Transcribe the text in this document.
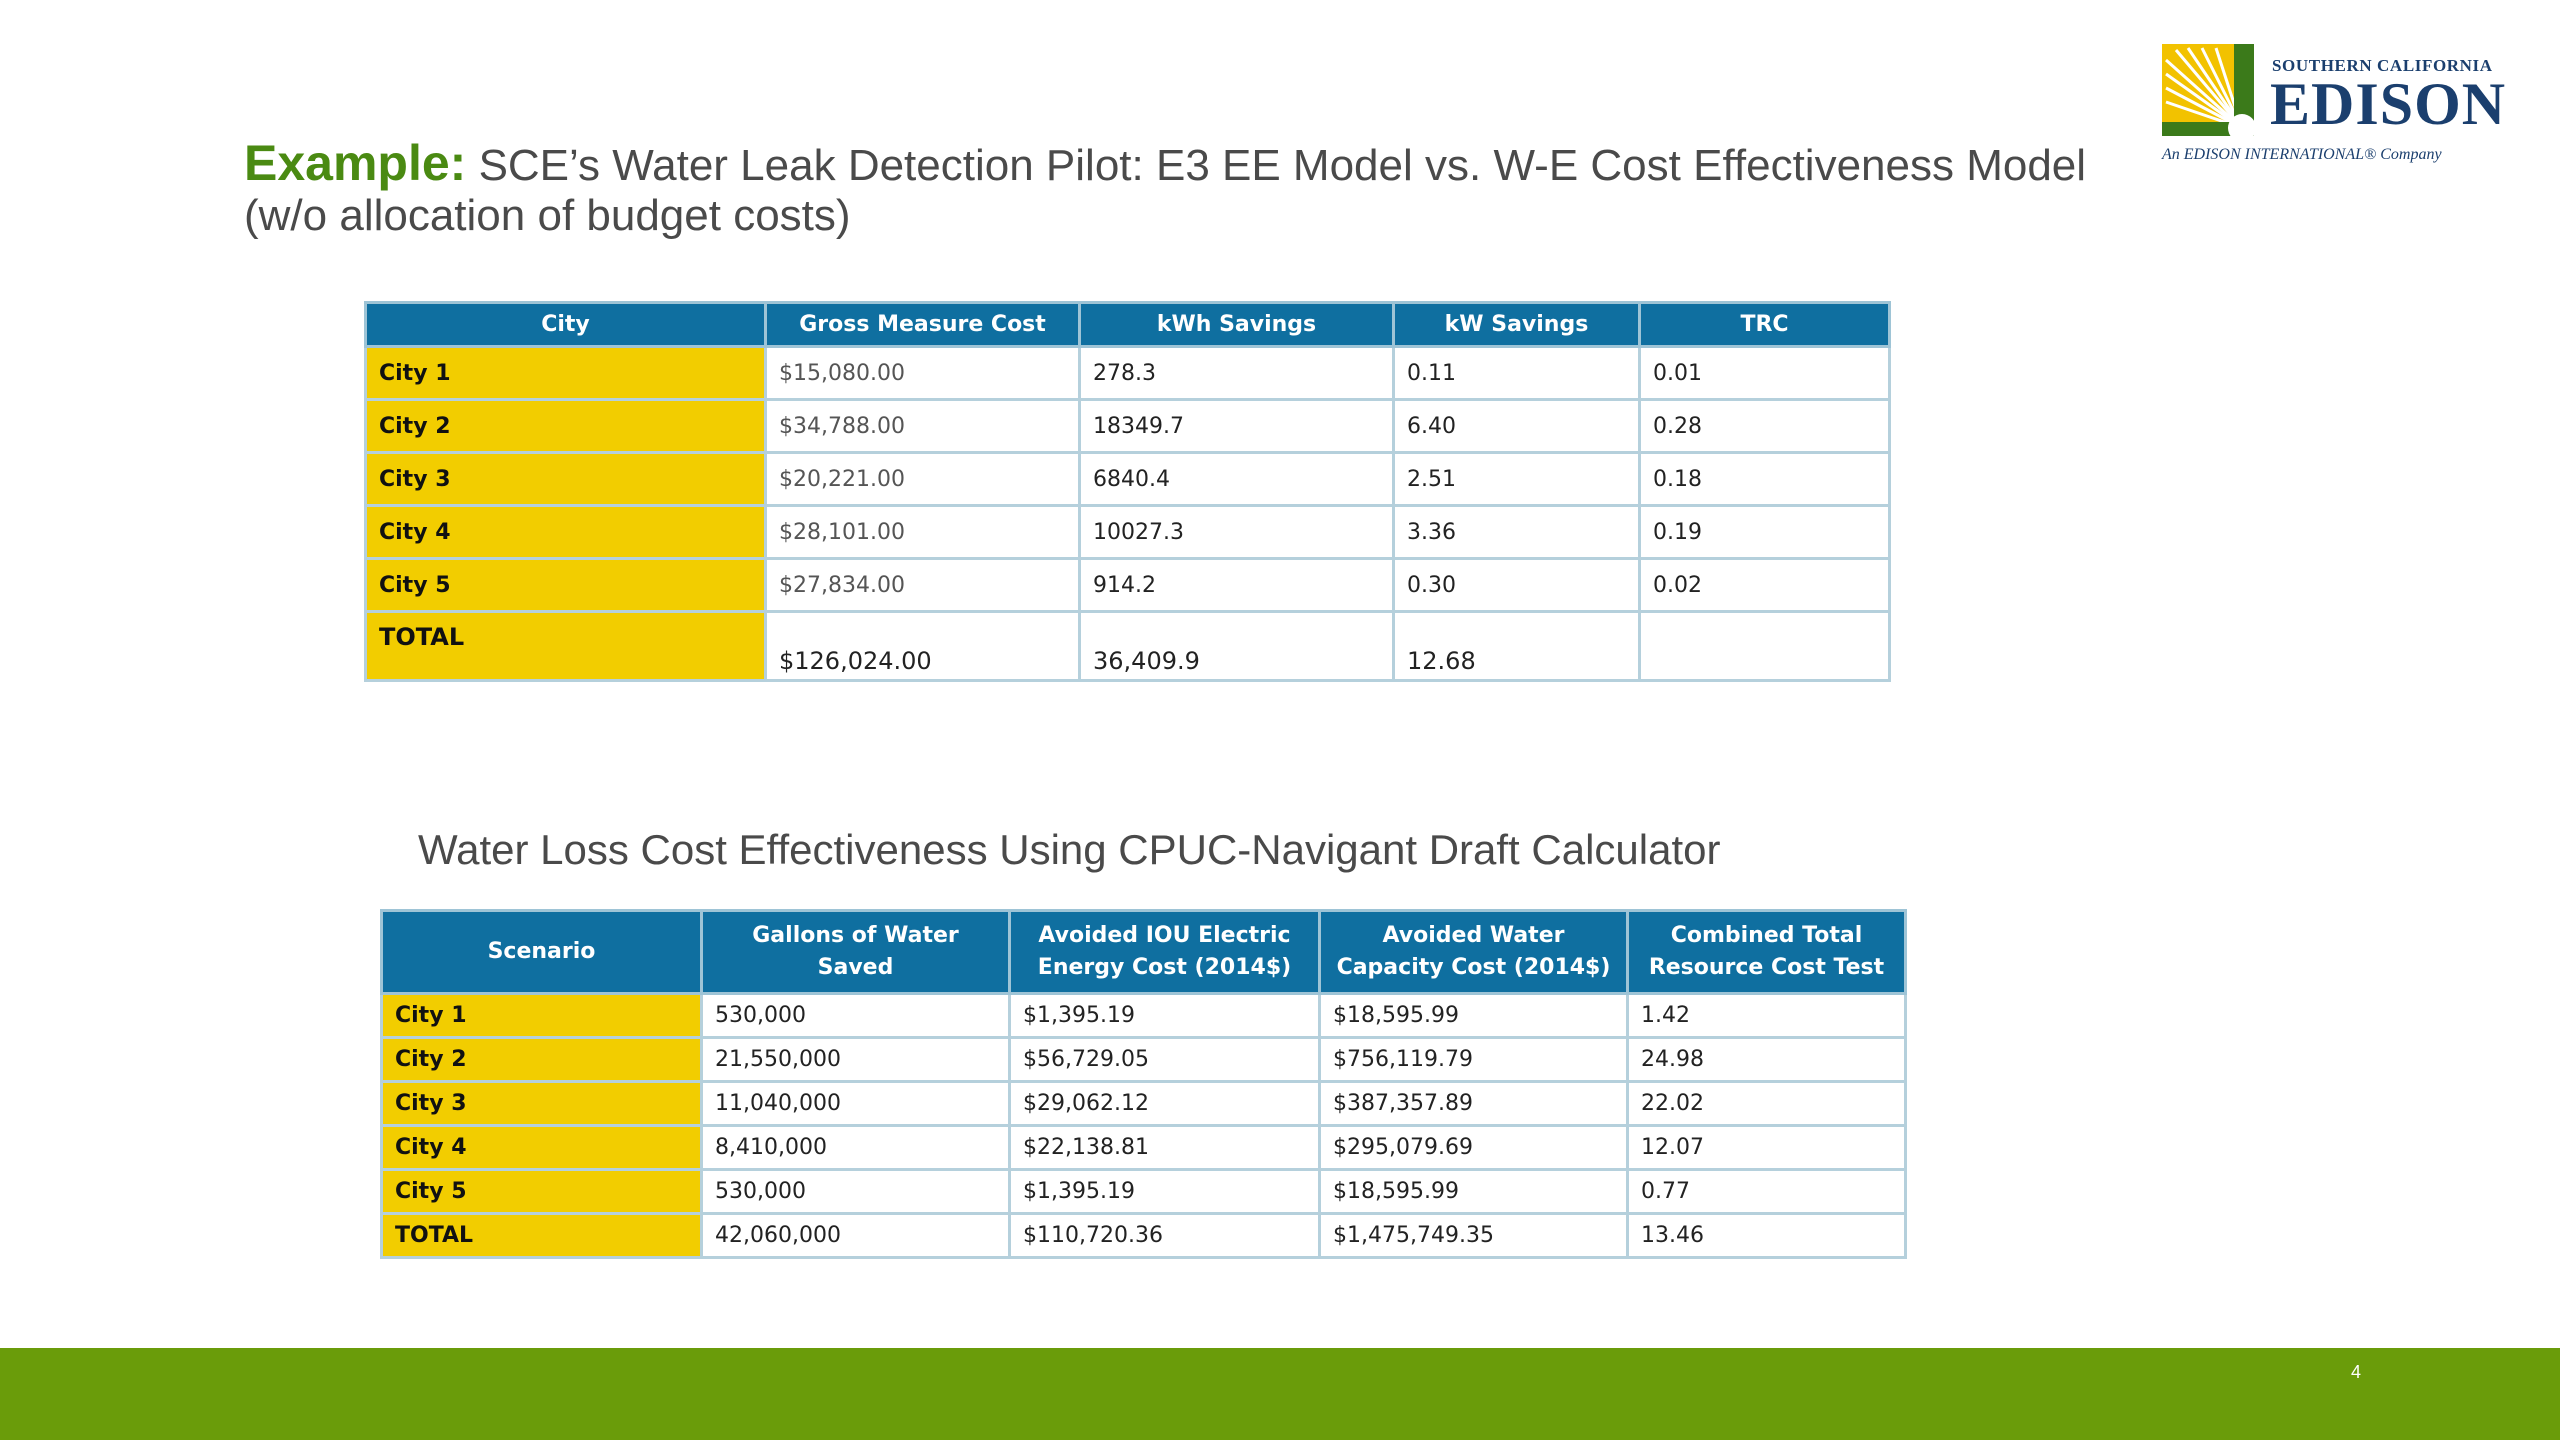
Example: SCE’s Water Leak Detection Pilot: E3 EE Model vs. W-E Cost Effectiveness Model
(w/o allocation of budget costs)
SOUTHERN CALIFORNIA
EDISON
An EDISON INTERNATIONAL® Company
City	Gross Measure Cost	kWh Savings	kW Savings	TRC
City 1	$15,080.00	278.3	0.11	0.01
City 2	$34,788.00	18349.7	6.40	0.28
City 3	$20,221.00	6840.4	2.51	0.18
City 4	$28,101.00	10027.3	3.36	0.19
City 5	$27,834.00	914.2	0.30	0.02
TOTAL	$126,024.00	36,409.9	12.68	
Water Loss Cost Effectiveness Using CPUC-Navigant Draft Calculator
Scenario	Gallons of Water Saved	Avoided IOU Electric Energy Cost (2014$)	Avoided Water Capacity Cost (2014$)	Combined Total Resource Cost Test
City 1	530,000	$1,395.19	$18,595.99	1.42
City 2	21,550,000	$56,729.05	$756,119.79	24.98
City 3	11,040,000	$29,062.12	$387,357.89	22.02
City 4	8,410,000	$22,138.81	$295,079.69	12.07
City 5	530,000	$1,395.19	$18,595.99	0.77
TOTAL	42,060,000	$110,720.36	$1,475,749.35	13.46
4
